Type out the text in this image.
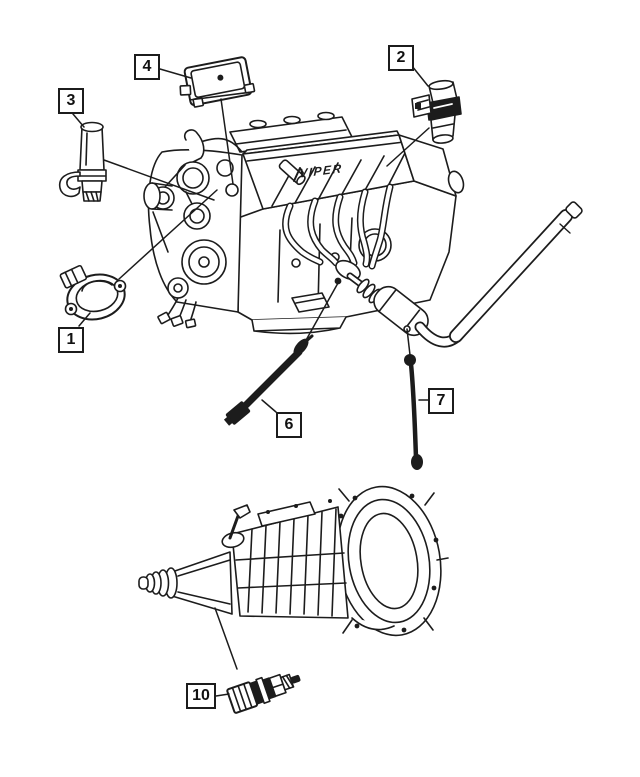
VIPER
1
2
3
4
6
7
10
